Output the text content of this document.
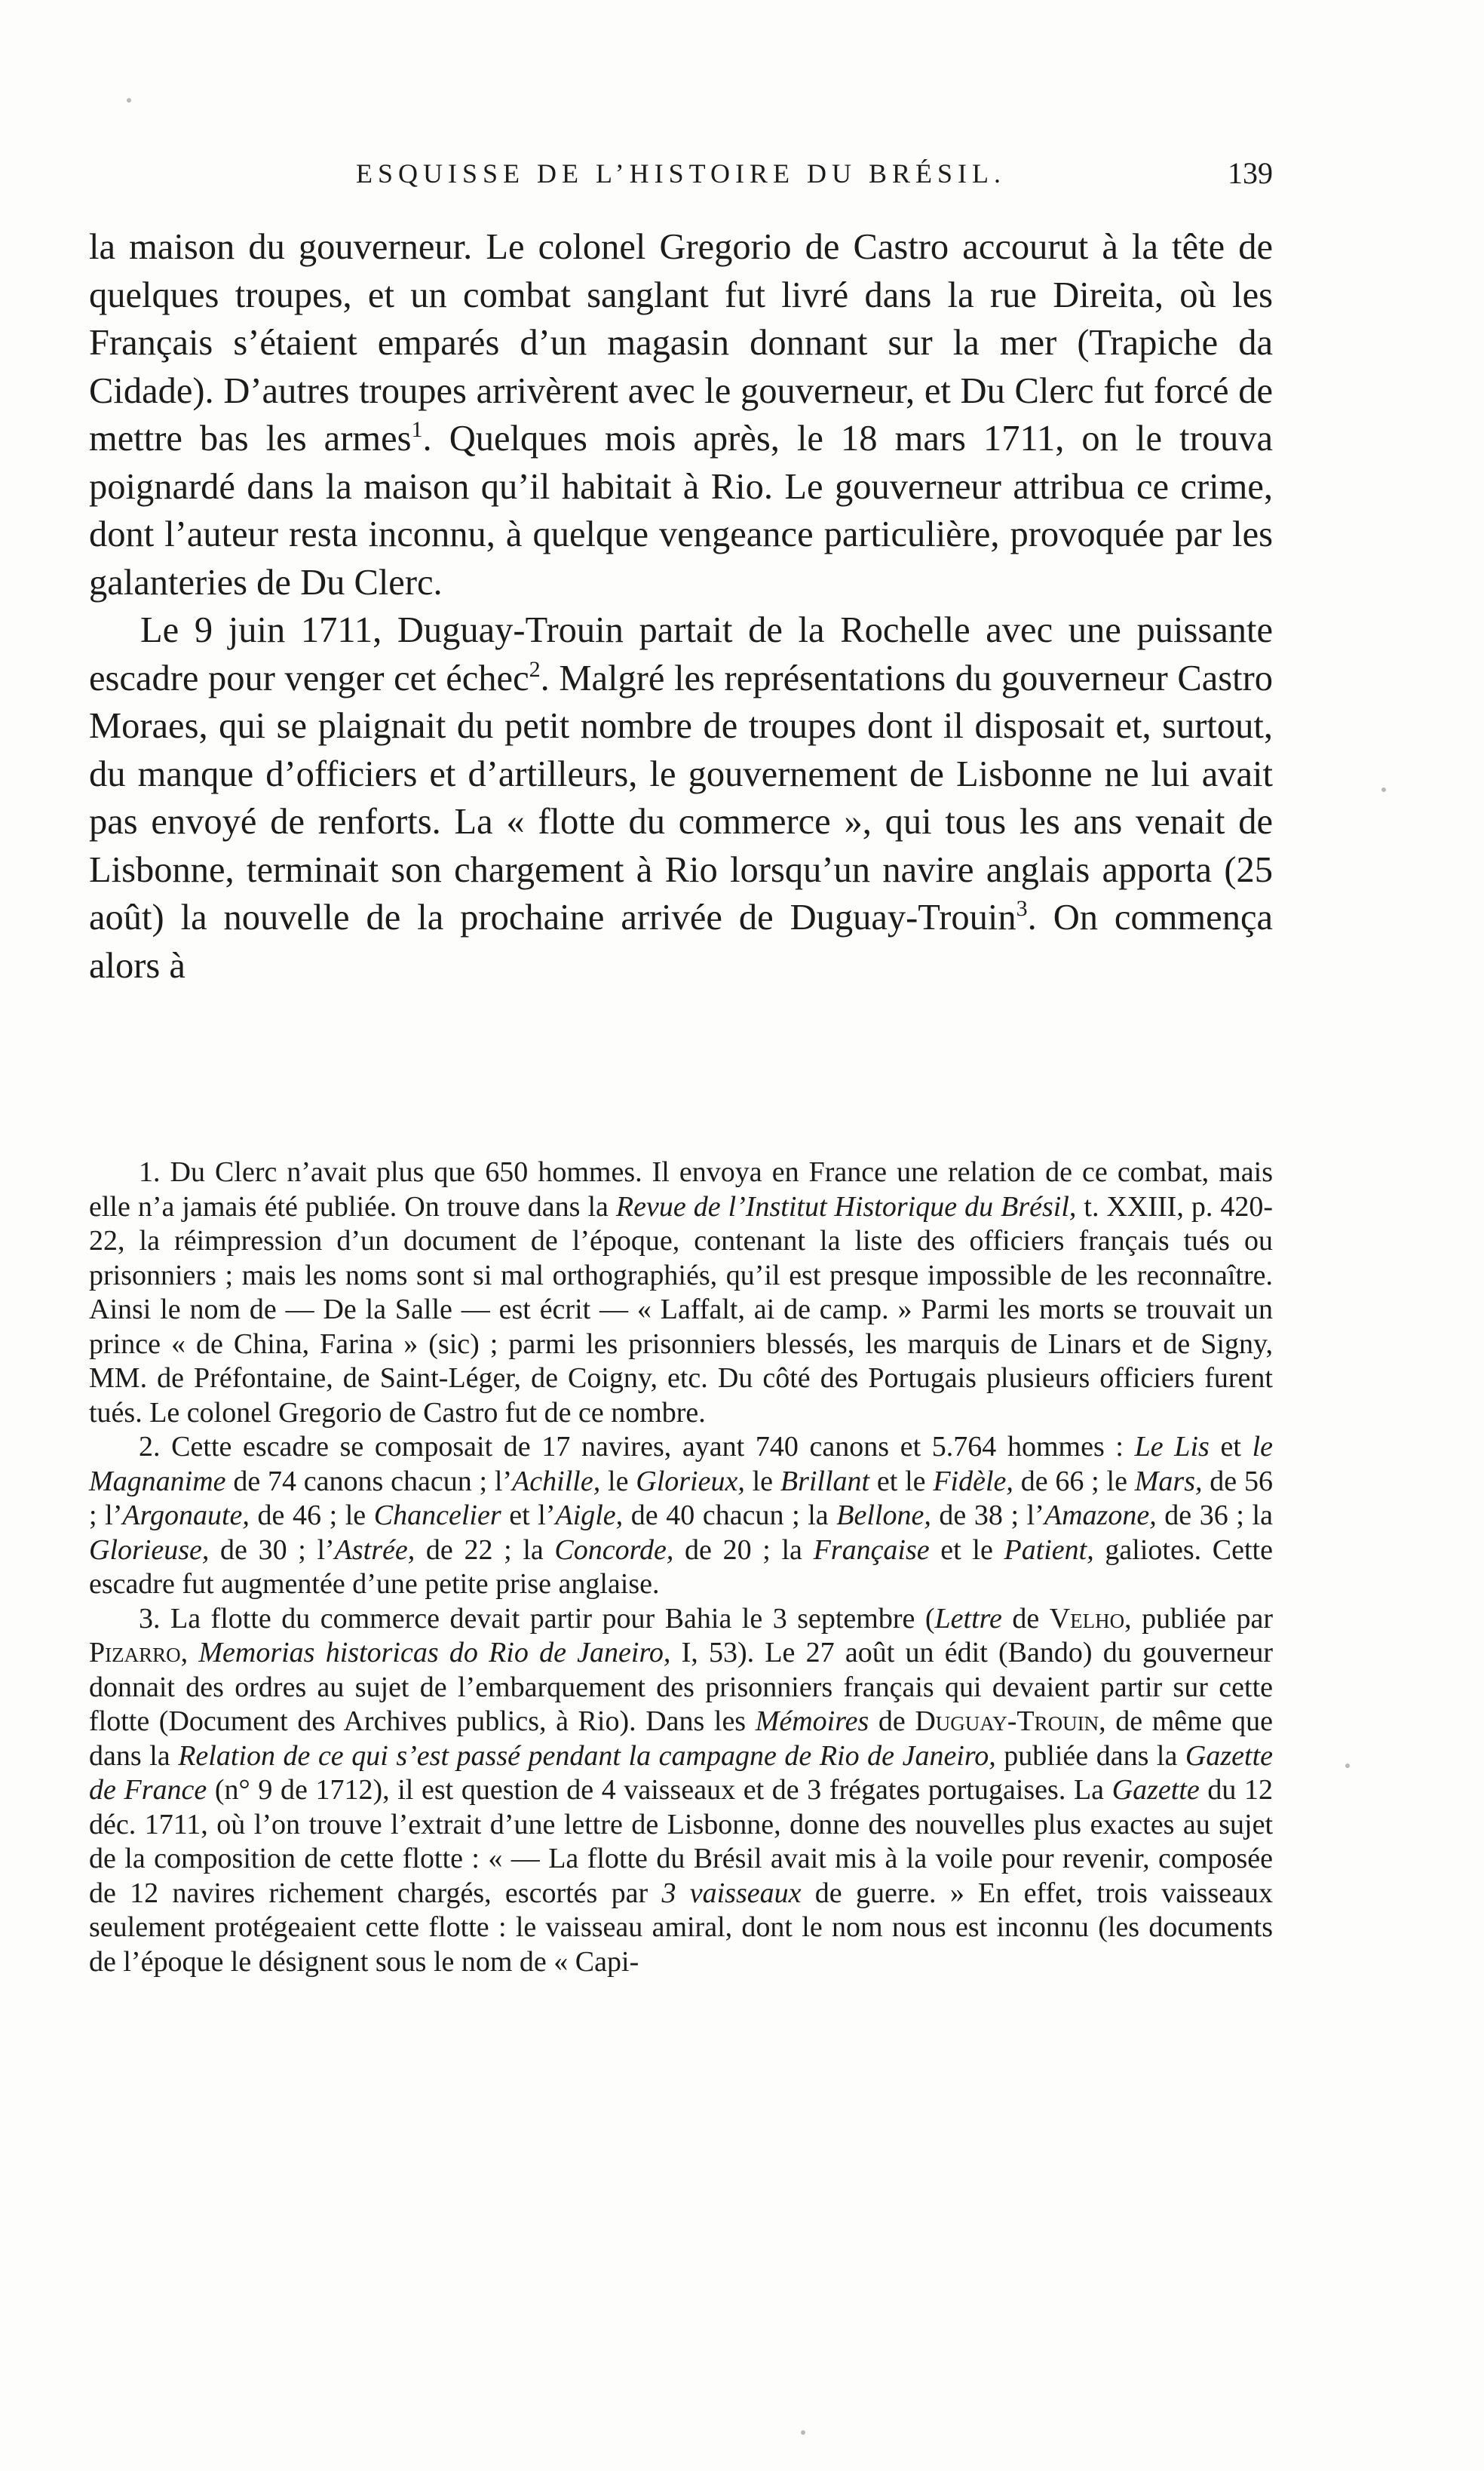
ESQUISSE DE L’HISTOIRE DU BRÉSIL.	139

la maison du gouverneur. Le colonel Gregorio de Castro accourut à la tête de quelques troupes, et un combat sanglant fut livré dans la rue Direita, où les Français s’étaient emparés d’un magasin donnant sur la mer (Trapiche da Cidade). D’autres troupes arrivèrent avec le gouverneur, et Du Clerc fut forcé de mettre bas les armes$^1$. Quelques mois après, le 18 mars 1711, on le trouva poignardé dans la maison qu’il habitait à Rio. Le gouverneur attribua ce crime, dont l’auteur resta inconnu, à quelque vengeance particulière, provoquée par les galanteries de Du Clerc.

Le 9 juin 1711, Duguay-Trouin partait de la Rochelle avec une puissante escadre pour venger cet échec$^2$. Malgré les représentations du gouverneur Castro Moraes, qui se plaignait du petit nombre de troupes dont il disposait et, surtout, du manque d’officiers et d’artilleurs, le gouvernement de Lisbonne ne lui avait pas envoyé de renforts. La « flotte du commerce », qui tous les ans venait de Lisbonne, terminait son chargement à Rio lorsqu’un navire anglais apporta (25 août) la nouvelle de la prochaine arrivée de Duguay-Trouin$^3$. On commença alors à

1. Du Clerc n’avait plus que 650 hommes. Il envoya en France une relation de ce combat, mais elle n’a jamais été publiée. On trouve dans la Revue de l’Institut Historique du Brésil, t. XXIII, p. 420-22, la réimpression d’un document de l’époque, contenant la liste des officiers français tués ou prisonniers ; mais les noms sont si mal orthographiés, qu’il est presque impossible de les reconnaître. Ainsi le nom de — De la Salle — est écrit — « Laffalt, ai de camp. » Parmi les morts se trouvait un prince « de China, Farina » (sic) ; parmi les prisonniers blessés, les marquis de Linars et de Signy, MM. de Préfontaine, de Saint-Léger, de Coigny, etc. Du côté des Portugais plusieurs officiers furent tués. Le colonel Gregorio de Castro fut de ce nombre.

2. Cette escadre se composait de 17 navires, ayant 740 canons et 5.764 hommes : Le Lis et le Magnanime de 74 canons chacun ; l’Achille, le Glorieux, le Brillant et le Fidèle, de 66 ; le Mars, de 56 ; l’Argonaute, de 46 ; le Chancelier et l’Aigle, de 40 chacun ; la Bellone, de 38 ; l’Amazone, de 36 ; la Glorieuse, de 30 ; l’Astrée, de 22 ; la Concorde, de 20 ; la Française et le Patient, galiotes. Cette escadre fut augmentée d’une petite prise anglaise.

3. La flotte du commerce devait partir pour Bahia le 3 septembre (Lettre de Velho, publiée par Pizarro, Memorias historicas do Rio de Janeiro, I, 53). Le 27 août un édit (Bando) du gouverneur donnait des ordres au sujet de l’embarquement des prisonniers français qui devaient partir sur cette flotte (Document des Archives publics, à Rio). Dans les Mémoires de Duguay-Trouin, de même que dans la Relation de ce qui s’est passé pendant la campagne de Rio de Janeiro, publiée dans la Gazette de France (n° 9 de 1712), il est question de 4 vaisseaux et de 3 frégates portugaises. La Gazette du 12 déc. 1711, où l’on trouve l’extrait d’une lettre de Lisbonne, donne des nouvelles plus exactes au sujet de la composition de cette flotte : « — La flotte du Brésil avait mis à la voile pour revenir, composée de 12 navires richement chargés, escortés par 3 vaisseaux de guerre. » En effet, trois vaisseaux seulement protégeaient cette flotte : le vaisseau amiral, dont le nom nous est inconnu (les documents de l’époque le désignent sous le nom de « Capi-
